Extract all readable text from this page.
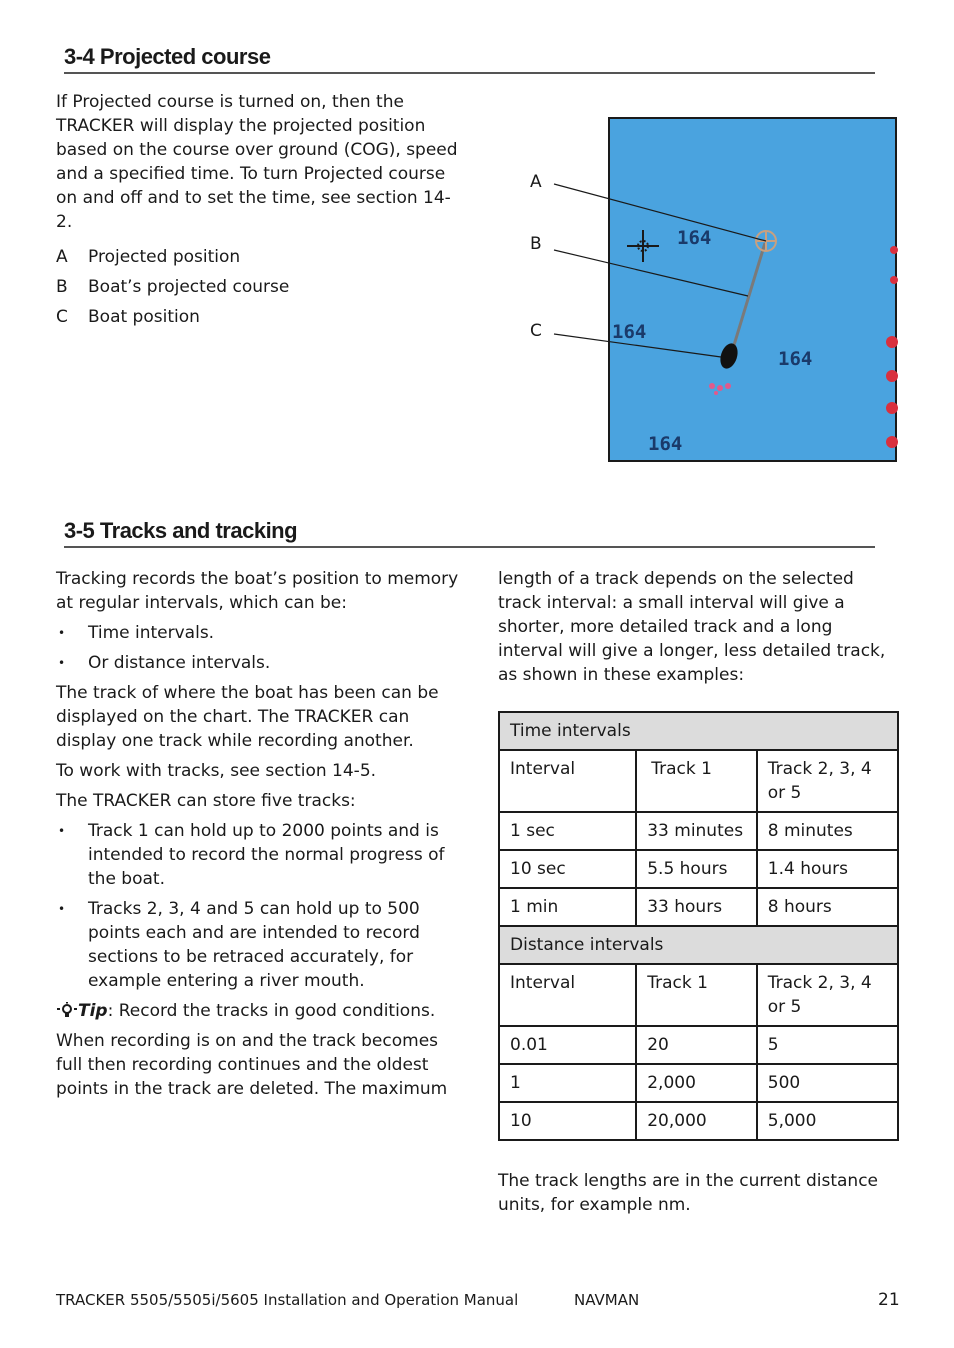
3-4 Projected course
If Projected course is turned on, then the TRACKER will display the projected position based on the course over ground (COG), speed and a specified time. To turn Projected course on and off and to set the time, see section 14-2.
A Projected position
B Boat’s projected course
C Boat position
A
B
C
164
164
164
164
3-5 Tracks and tracking

Tracking records the boat’s position to memory at regular intervals, which can be:

• Time intervals.
• Or distance intervals.

The track of where the boat has been can be displayed on the chart. The TRACKER can display one track while recording another.

To work with tracks, see section 14-5.

The TRACKER can store five tracks:

• Track 1 can hold up to 2000 points and is intended to record the normal progress of the boat.
• Tracks 2, 3, 4 and 5 can hold up to 500 points each and are intended to record sections to be retraced accurately, for example entering a river mouth.

Tip: Record the tracks in good conditions.

When recording is on and the track becomes full then recording continues and the oldest points in the track are deleted. The maximum

length of a track depends on the selected track interval: a small interval will give a shorter, more detailed track and a long interval will give a longer, less detailed track, as shown in these examples:
Time intervals		
Interval	Track 1	Track 2, 3, 4 or 5
1 sec	33 minutes	8 minutes
10 sec	5.5 hours	1.4 hours
1 min	33 hours	8 hours
Distance intervals		
Interval	Track 1	Track 2, 3, 4 or 5
0.01	20	5
1	2,000	500
10	20,000	5,000
The track lengths are in the current distance units, for example nm.
TRACKER 5505/5505i/5605 Installation and Operation Manual	NAVMAN	21
